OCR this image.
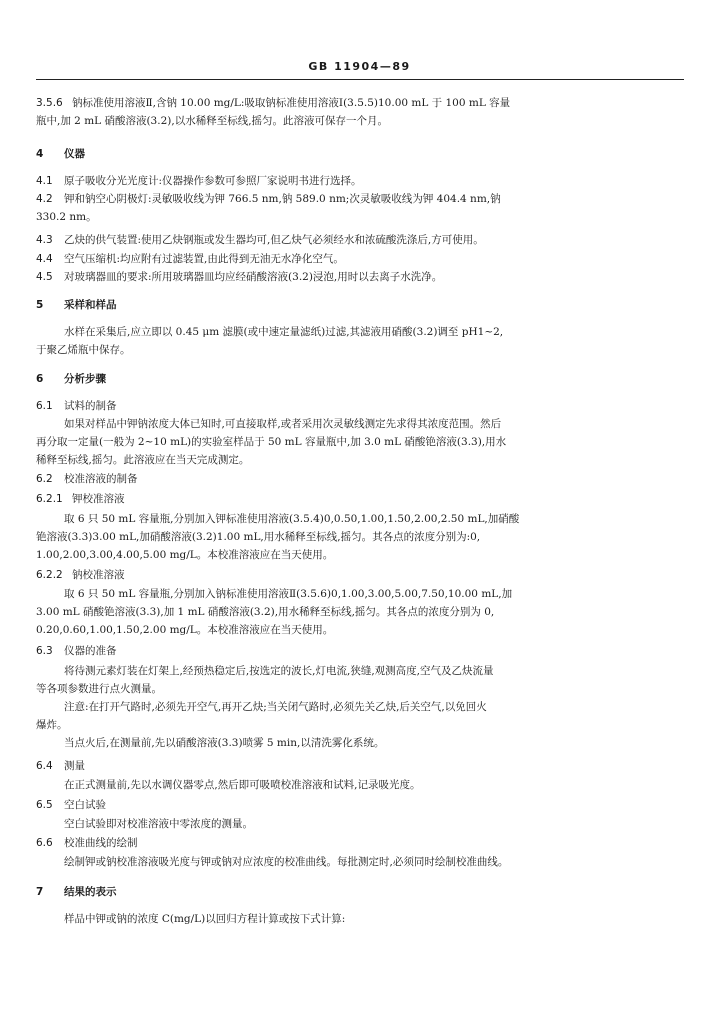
GB 11904—89
3.5.6 钠标准使用溶液Ⅱ,含钠 10.00 mg/L:吸取钠标准使用溶液Ⅰ(3.5.5)10.00 mL 于 100 mL 容量
瓶中,加 2 mL 硝酸溶液(3.2),以水稀释至标线,摇匀。此溶液可保存一个月。
4 仪器
4.1 原子吸收分光光度计:仪器操作参数可参照厂家说明书进行选择。
4.2 钾和钠空心阴极灯:灵敏吸收线为钾 766.5 nm,钠 589.0 nm;次灵敏吸收线为钾 404.4 nm,钠
330.2 nm。
4.3 乙炔的供气装置:使用乙炔钢瓶或发生器均可,但乙炔气必须经水和浓硫酸洗涤后,方可使用。
4.4 空气压缩机:均应附有过滤装置,由此得到无油无水净化空气。
4.5 对玻璃器皿的要求:所用玻璃器皿均应经硝酸溶液(3.2)浸泡,用时以去离子水洗净。
5 采样和样品
水样在采集后,应立即以 0.45 μm 滤膜(或中速定量滤纸)过滤,其滤液用硝酸(3.2)调至 pH1~2,
于聚乙烯瓶中保存。
6 分析步骤
6.1 试料的制备
如果对样品中钾钠浓度大体已知时,可直接取样,或者采用次灵敏线测定先求得其浓度范围。然后
再分取一定量(一般为 2~10 mL)的实验室样品于 50 mL 容量瓶中,加 3.0 mL 硝酸铯溶液(3.3),用水
稀释至标线,摇匀。此溶液应在当天完成测定。
6.2 校准溶液的制备
6.2.1 钾校准溶液
取 6 只 50 mL 容量瓶,分别加入钾标准使用溶液(3.5.4)0,0.50,1.00,1.50,2.00,2.50 mL,加硝酸
铯溶液(3.3)3.00 mL,加硝酸溶液(3.2)1.00 mL,用水稀释至标线,摇匀。其各点的浓度分别为:0,
1.00,2.00,3.00,4.00,5.00 mg/L。本校准溶液应在当天使用。
6.2.2 钠校准溶液
取 6 只 50 mL 容量瓶,分别加入钠标准使用溶液Ⅱ(3.5.6)0,1.00,3.00,5.00,7.50,10.00 mL,加
3.00 mL 硝酸铯溶液(3.3),加 1 mL 硝酸溶液(3.2),用水稀释至标线,摇匀。其各点的浓度分别为 0,
0.20,0.60,1.00,1.50,2.00 mg/L。本校准溶液应在当天使用。
6.3 仪器的准备
将待测元素灯装在灯架上,经预热稳定后,按选定的波长,灯电流,狭缝,观测高度,空气及乙炔流量
等各项参数进行点火测量。
注意:在打开气路时,必须先开空气,再开乙炔;当关闭气路时,必须先关乙炔,后关空气,以免回火
爆炸。
当点火后,在测量前,先以硝酸溶液(3.3)喷雾 5 min,以清洗雾化系统。
6.4 测量
在正式测量前,先以水调仪器零点,然后即可吸喷校准溶液和试料,记录吸光度。
6.5 空白试验
空白试验即对校准溶液中零浓度的测量。
6.6 校准曲线的绘制
绘制钾或钠校准溶液吸光度与钾或钠对应浓度的校准曲线。每批测定时,必须同时绘制校准曲线。
7 结果的表示
样品中钾或钠的浓度 C(mg/L)以回归方程计算或按下式计算:
